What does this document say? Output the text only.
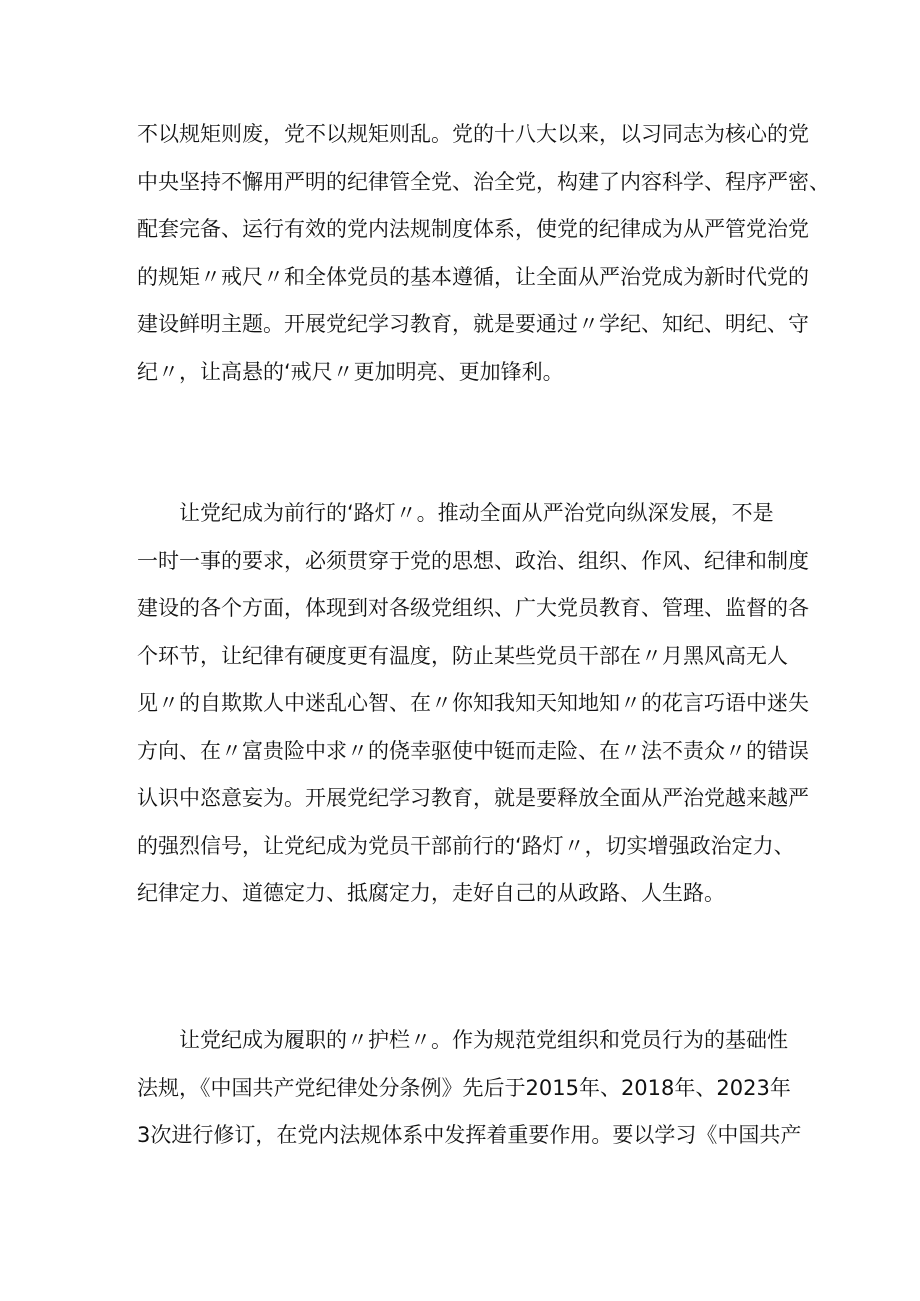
不以规矩则废，党不以规矩则乱。党的十八大以来，以习同志为核心的党
中央坚持不懈用严明的纪律管全党、治全党，构建了内容科学、程序严密、
配套完备、运行有效的党内法规制度体系，使党的纪律成为从严管党治党
的规矩〃戒尺〃和全体党员的基本遵循，让全面从严治党成为新时代党的
建设鲜明主题。开展党纪学习教育，就是要通过〃学纪、知纪、明纪、守
纪〃，让高悬的‘戒尺〃更加明亮、更加锋利。
让党纪成为前行的‘路灯〃。推动全面从严治党向纵深发展，不是
一时一事的要求，必须贯穿于党的思想、政治、组织、作风、纪律和制度
建设的各个方面，体现到对各级党组织、广大党员教育、管理、监督的各
个环节，让纪律有硬度更有温度，防止某些党员干部在〃月黑风高无人
见〃的自欺欺人中迷乱心智、在〃你知我知天知地知〃的花言巧语中迷失
方向、在〃富贵险中求〃的侥幸驱使中铤而走险、在〃法不责众〃的错误
认识中恣意妄为。开展党纪学习教育，就是要释放全面从严治党越来越严
的强烈信号，让党纪成为党员干部前行的‘路灯〃，切实增强政治定力、
纪律定力、道德定力、抵腐定力，走好自己的从政路、人生路。
让党纪成为履职的〃护栏〃。作为规范党组织和党员行为的基础性
法规，《中国共产党纪律处分条例》先后于2015年、2018年、2023年
3次进行修订，在党内法规体系中发挥着重要作用。要以学习《中国共产
